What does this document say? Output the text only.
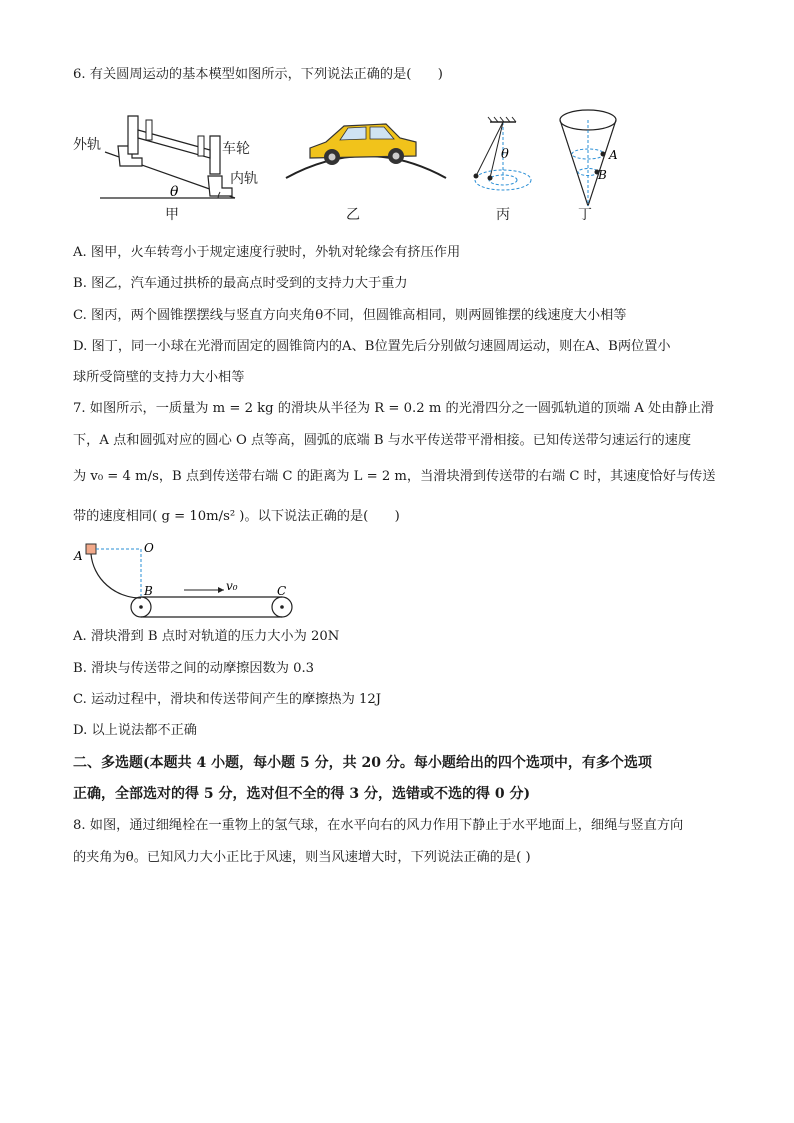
6. 有关圆周运动的基本模型如图所示，下列说法正确的是(　　)
θ
外轨	车轮
内轨
甲	乙
θ
丙
A
B
丁
A. 图甲，火车转弯小于规定速度行驶时，外轨对轮缘会有挤压作用
B. 图乙，汽车通过拱桥的最高点时受到的支持力大于重力
C. 图丙，两个圆锥摆摆线与竖直方向夹角θ不同，但圆锥高相同，则两圆锥摆的线速度大小相等
D. 图丁，同一小球在光滑而固定的圆锥筒内的A、B位置先后分别做匀速圆周运动，则在A、B两位置小
球所受筒壁的支持力大小相等
7. 如图所示，一质量为 m = 2 kg 的滑块从半径为 R = 0.2 m 的光滑四分之一圆弧轨道的顶端 A 处由静止滑
下，A 点和圆弧对应的圆心 O 点等高，圆弧的底端 B 与水平传送带平滑相接。已知传送带匀速运行的速度
为 v₀ = 4 m/s，B 点到传送带右端 C 的距离为 L = 2 m，当滑块滑到传送带的右端 C 时，其速度恰好与传送
带的速度相同( g = 10m/s² )。以下说法正确的是(　　)
A
O
B	C
v₀
A. 滑块滑到 B 点时对轨道的压力大小为 20N
B. 滑块与传送带之间的动摩擦因数为 0.3
C. 运动过程中，滑块和传送带间产生的摩擦热为 12J
D. 以上说法都不正确
二、多选题(本题共 4 小题，每小题 5 分，共 20 分。每小题给出的四个选项中，有多个选项
正确，全部选对的得 5 分，选对但不全的得 3 分，选错或不选的得 0 分)
8. 如图，通过细绳栓在一重物上的氢气球，在水平向右的风力作用下静止于水平地面上，细绳与竖直方向
的夹角为θ。已知风力大小正比于风速，则当风速增大时，下列说法正确的是( )
